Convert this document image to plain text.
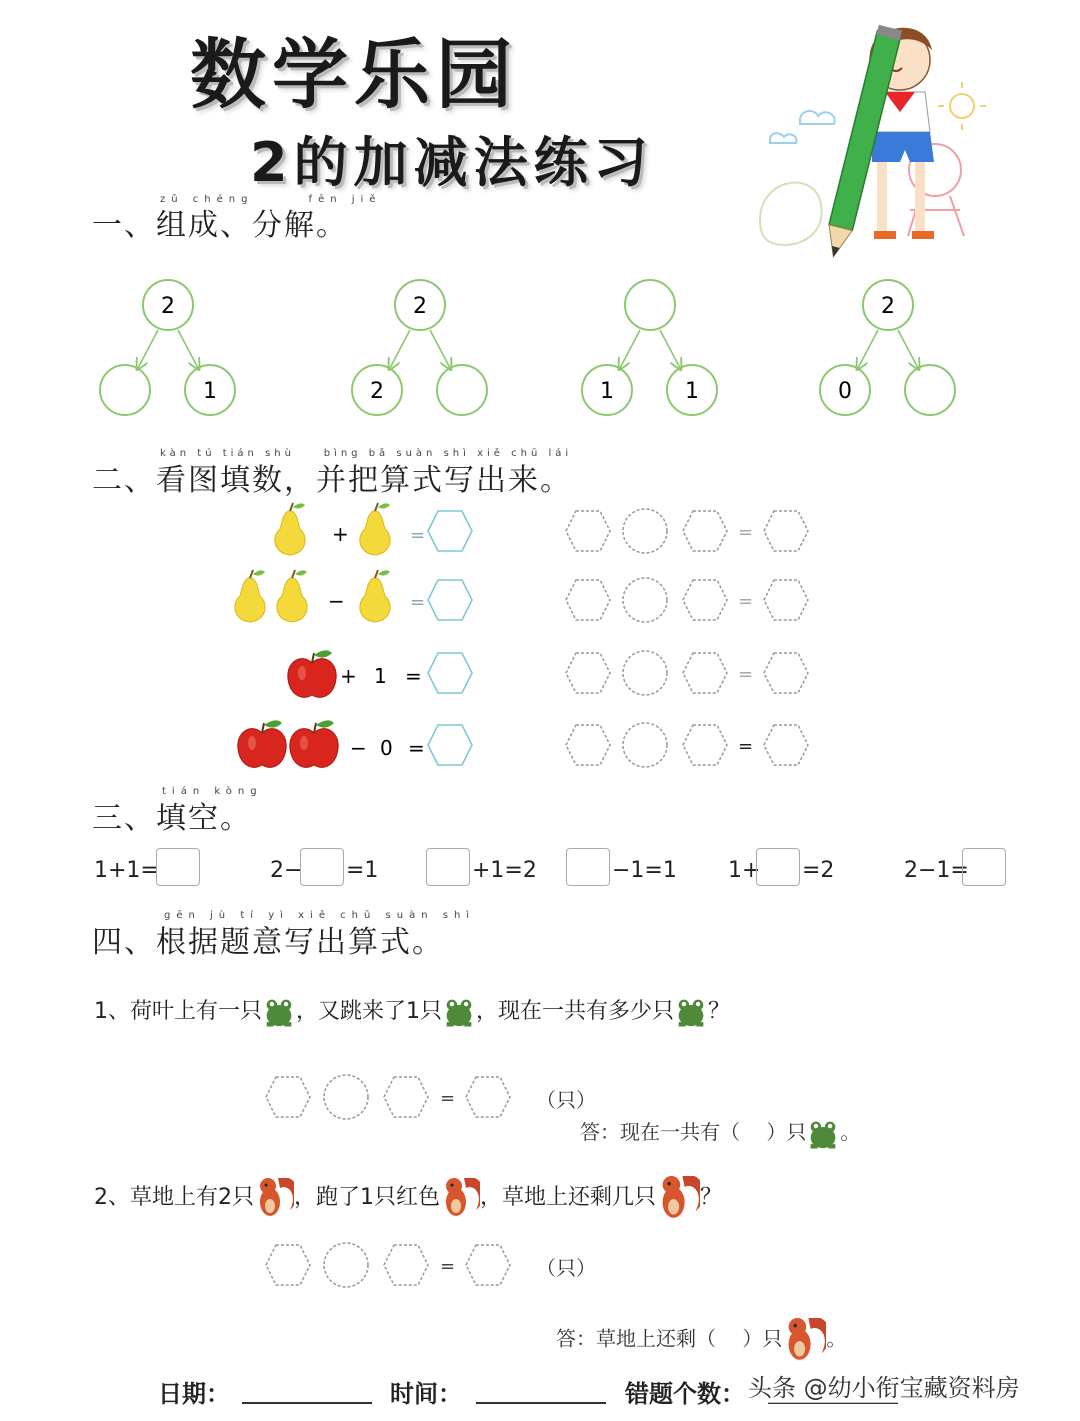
数学乐园
2的加减法练习
zǔ chéng	fēn jiě
一、组成、分解。
2
1
2
2	1	1
2
0
kàn tú tián shù	bìng bǎ suàn shì xiě chū lái
二、看图填数，并把算式写出来。
+	=
−	=
+ 1 =
− 0 =
=
=
=
=
tián kòng
三、填空。
1+1=	2− =1	+1=2	−1=1 1+ =2	2−1=
gēn jù tí yì xiě chū suàn shì
四、根据题意写出算式。
1、荷叶上有一只 ，又跳来了1只 ，现在一共有多少只 ？
=	（只）
答：现在一共有（　 ）只 。
2、草地上有2只 ，跑了1只红色 ，草地上还剩几只 ？
=	（只）
答：草地上还剩（　 ）只 。
日期：	时间：	错题个数： 头条 @幼小衔宝藏资料房
